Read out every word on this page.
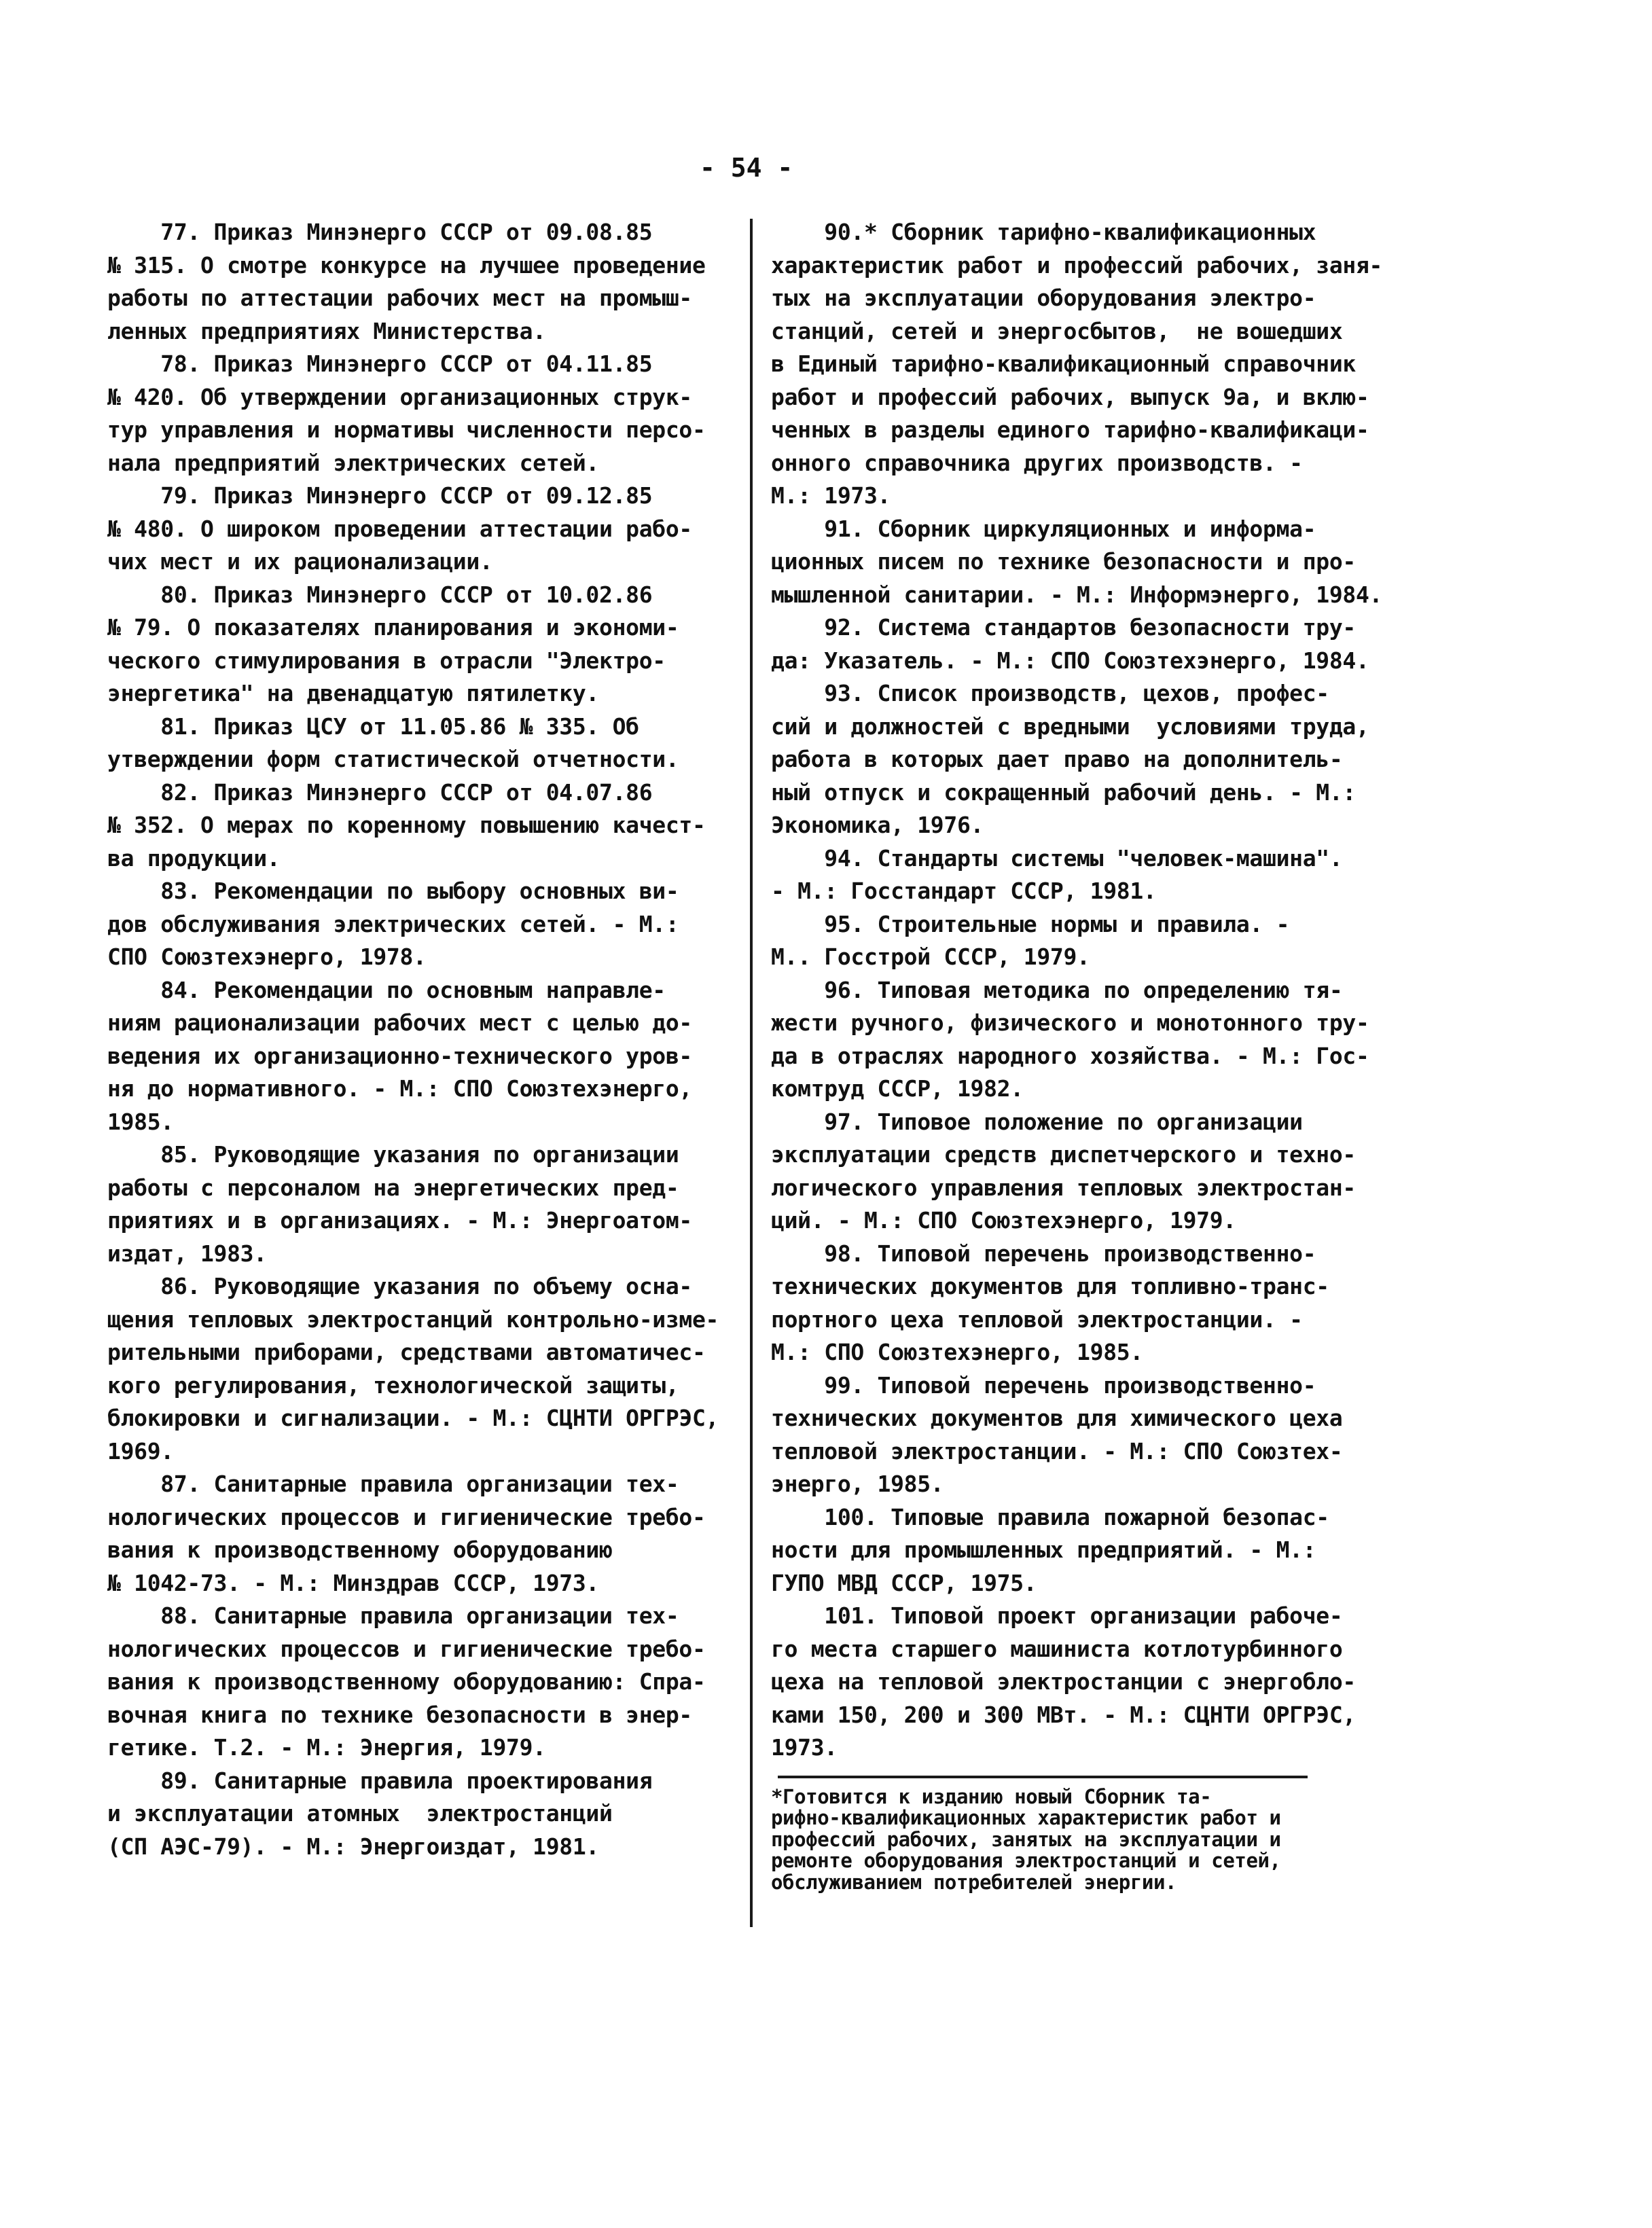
- 54 -
77. Приказ Минэнерго СССР от 09.08.85
№ 315. О смотре конкурсе на лучшее проведение
работы по аттестации рабочих мест на промыш-
ленных предприятиях Министерства.
78. Приказ Минэнерго СССР от 04.11.85
№ 420. Об утверждении организационных струк-
тур управления и нормативы численности персо-
нала предприятий электрических сетей.
79. Приказ Минэнерго СССР от 09.12.85
№ 480. О широком проведении аттестации рабо-
чих мест и их рационализации.
80. Приказ Минэнерго СССР от 10.02.86
№ 79. О показателях планирования и экономи-
ческого стимулирования в отрасли "Электро-
энергетика" на двенадцатую пятилетку.
81. Приказ ЦСУ от 11.05.86 № 335. Об
утверждении форм статистической отчетности.
82. Приказ Минэнерго СССР от 04.07.86
№ 352. О мерах по коренному повышению качест-
ва продукции.
83. Рекомендации по выбору основных ви-
дов обслуживания электрических сетей. - М.:
СПО Союзтехэнерго, 1978.
84. Рекомендации по основным направле-
ниям рационализации рабочих мест с целью до-
ведения их организационно-технического уров-
ня до нормативного. - М.: СПО Союзтехэнерго,
1985.
85. Руководящие указания по организации
работы с персоналом на энергетических пред-
приятиях и в организациях. - М.: Энергоатом-
издат, 1983.
86. Руководящие указания по объему осна-
щения тепловых электростанций контрольно-изме-
рительными приборами, средствами автоматичес-
кого регулирования, технологической защиты,
блокировки и сигнализации. - М.: СЦНТИ ОРГРЭС,
1969.
87. Санитарные правила организации тех-
нологических процессов и гигиенические требо-
вания к производственному оборудованию
№ 1042-73. - М.: Минздрав СССР, 1973.
88. Санитарные правила организации тех-
нологических процессов и гигиенические требо-
вания к производственному оборудованию: Спра-
вочная книга по технике безопасности в энер-
гетике. Т.2. - М.: Энергия, 1979.
89. Санитарные правила проектирования
и эксплуатации атомных  электростанций
(СП АЭС-79). - М.: Энергоиздат, 1981.
90.* Сборник тарифно-квалификационных
характеристик работ и профессий рабочих, заня-
тых на эксплуатации оборудования электро-
станций, сетей и энергосбытов,  не вошедших
в Единый тарифно-квалификационный справочник
работ и профессий рабочих, выпуск 9а, и вклю-
ченных в разделы единого тарифно-квалификаци-
онного справочника других производств. -
М.: 1973.
91. Сборник циркуляционных и информа-
ционных писем по технике безопасности и про-
мышленной санитарии. - М.: Информэнерго, 1984.
92. Система стандартов безопасности тру-
да: Указатель. - М.: СПО Союзтехэнерго, 1984.
93. Список производств, цехов, профес-
сий и должностей с вредными  условиями труда,
работа в которых дает право на дополнитель-
ный отпуск и сокращенный рабочий день. - М.:
Экономика, 1976.
94. Стандарты системы "человек-машина".
- М.: Госстандарт СССР, 1981.
95. Строительные нормы и правила. -
М.. Госстрой СССР, 1979.
96. Типовая методика по определению тя-
жести ручного, физического и монотонного тру-
да в отраслях народного хозяйства. - М.: Гос-
комтруд СССР, 1982.
97. Типовое положение по организации
эксплуатации средств диспетчерского и техно-
логического управления тепловых электростан-
ций. - М.: СПО Союзтехэнерго, 1979.
98. Типовой перечень производственно-
технических документов для топливно-транс-
портного цеха тепловой электростанции. -
М.: СПО Союзтехэнерго, 1985.
99. Типовой перечень производственно-
технических документов для химического цеха
тепловой электростанции. - М.: СПО Союзтех-
энерго, 1985.
100. Типовые правила пожарной безопас-
ности для промышленных предприятий. - М.:
ГУПО МВД СССР, 1975.
101. Типовой проект организации рабоче-
го места старшего машиниста котлотурбинного
цеха на тепловой электростанции с энергобло-
ками 150, 200 и 300 МВт. - М.: СЦНТИ ОРГРЭС,
1973.
*Готовится к изданию новый Сборник та-
рифно-квалификационных характеристик работ и
профессий рабочих, занятых на эксплуатации и
ремонте оборудования электростанций и сетей,
обслуживанием потребителей энергии.
